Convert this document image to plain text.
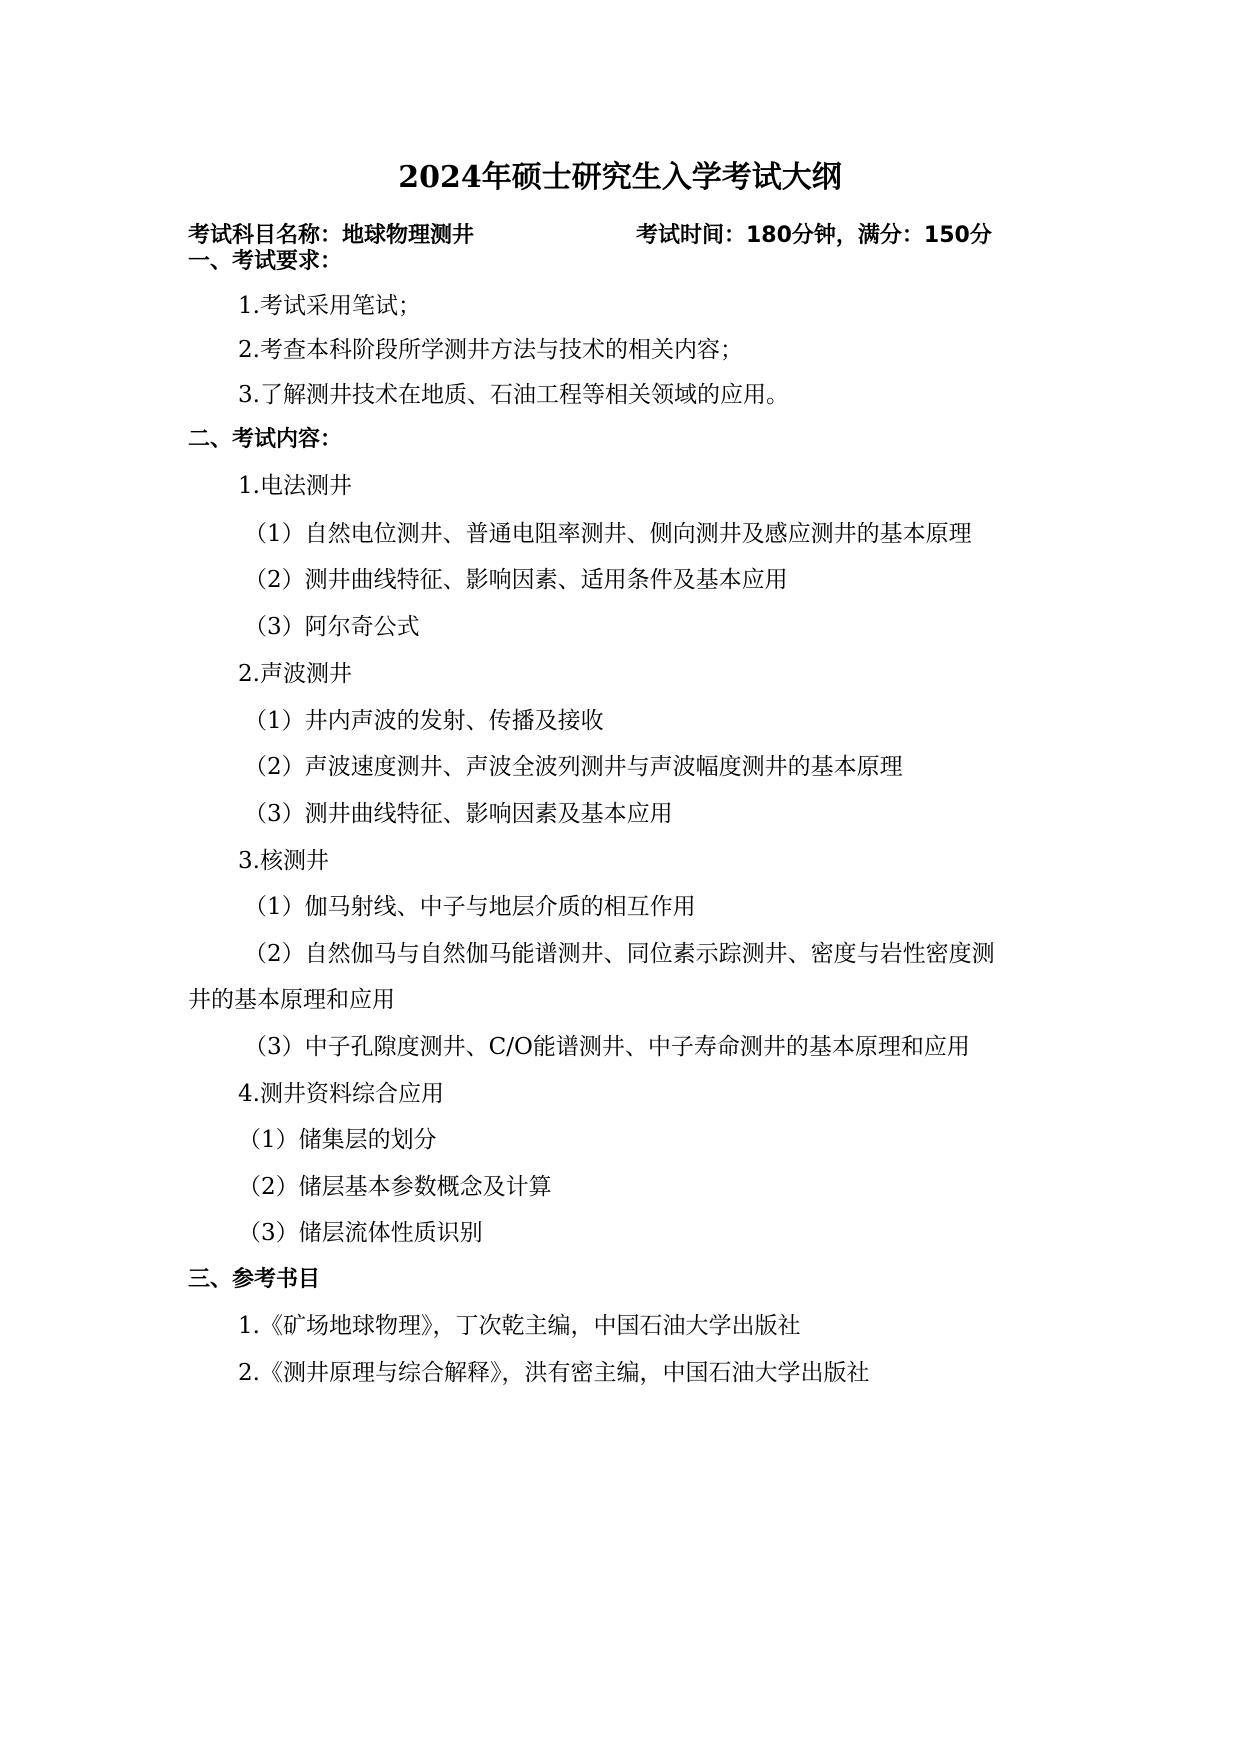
2024年硕士研究生入学考试大纲
考试科目名称：地球物理测井	考试时间：180分钟，满分：150分
一、考试要求：
1.考试采用笔试；
2.考查本科阶段所学测井方法与技术的相关内容；
3.了解测井技术在地质、石油工程等相关领域的应用。
二、考试内容：
1.电法测井
（1）自然电位测井、普通电阻率测井、侧向测井及感应测井的基本原理
（2）测井曲线特征、影响因素、适用条件及基本应用
（3）阿尔奇公式
2.声波测井
（1）井内声波的发射、传播及接收
（2）声波速度测井、声波全波列测井与声波幅度测井的基本原理
（3）测井曲线特征、影响因素及基本应用
3.核测井
（1）伽马射线、中子与地层介质的相互作用
（2）自然伽马与自然伽马能谱测井、同位素示踪测井、密度与岩性密度测
井的基本原理和应用
（3）中子孔隙度测井、C/O能谱测井、中子寿命测井的基本原理和应用
4.测井资料综合应用
（1）储集层的划分
（2）储层基本参数概念及计算
（3）储层流体性质识别
三、参考书目
1.《矿场地球物理》，丁次乾主编，中国石油大学出版社
2.《测井原理与综合解释》，洪有密主编，中国石油大学出版社
